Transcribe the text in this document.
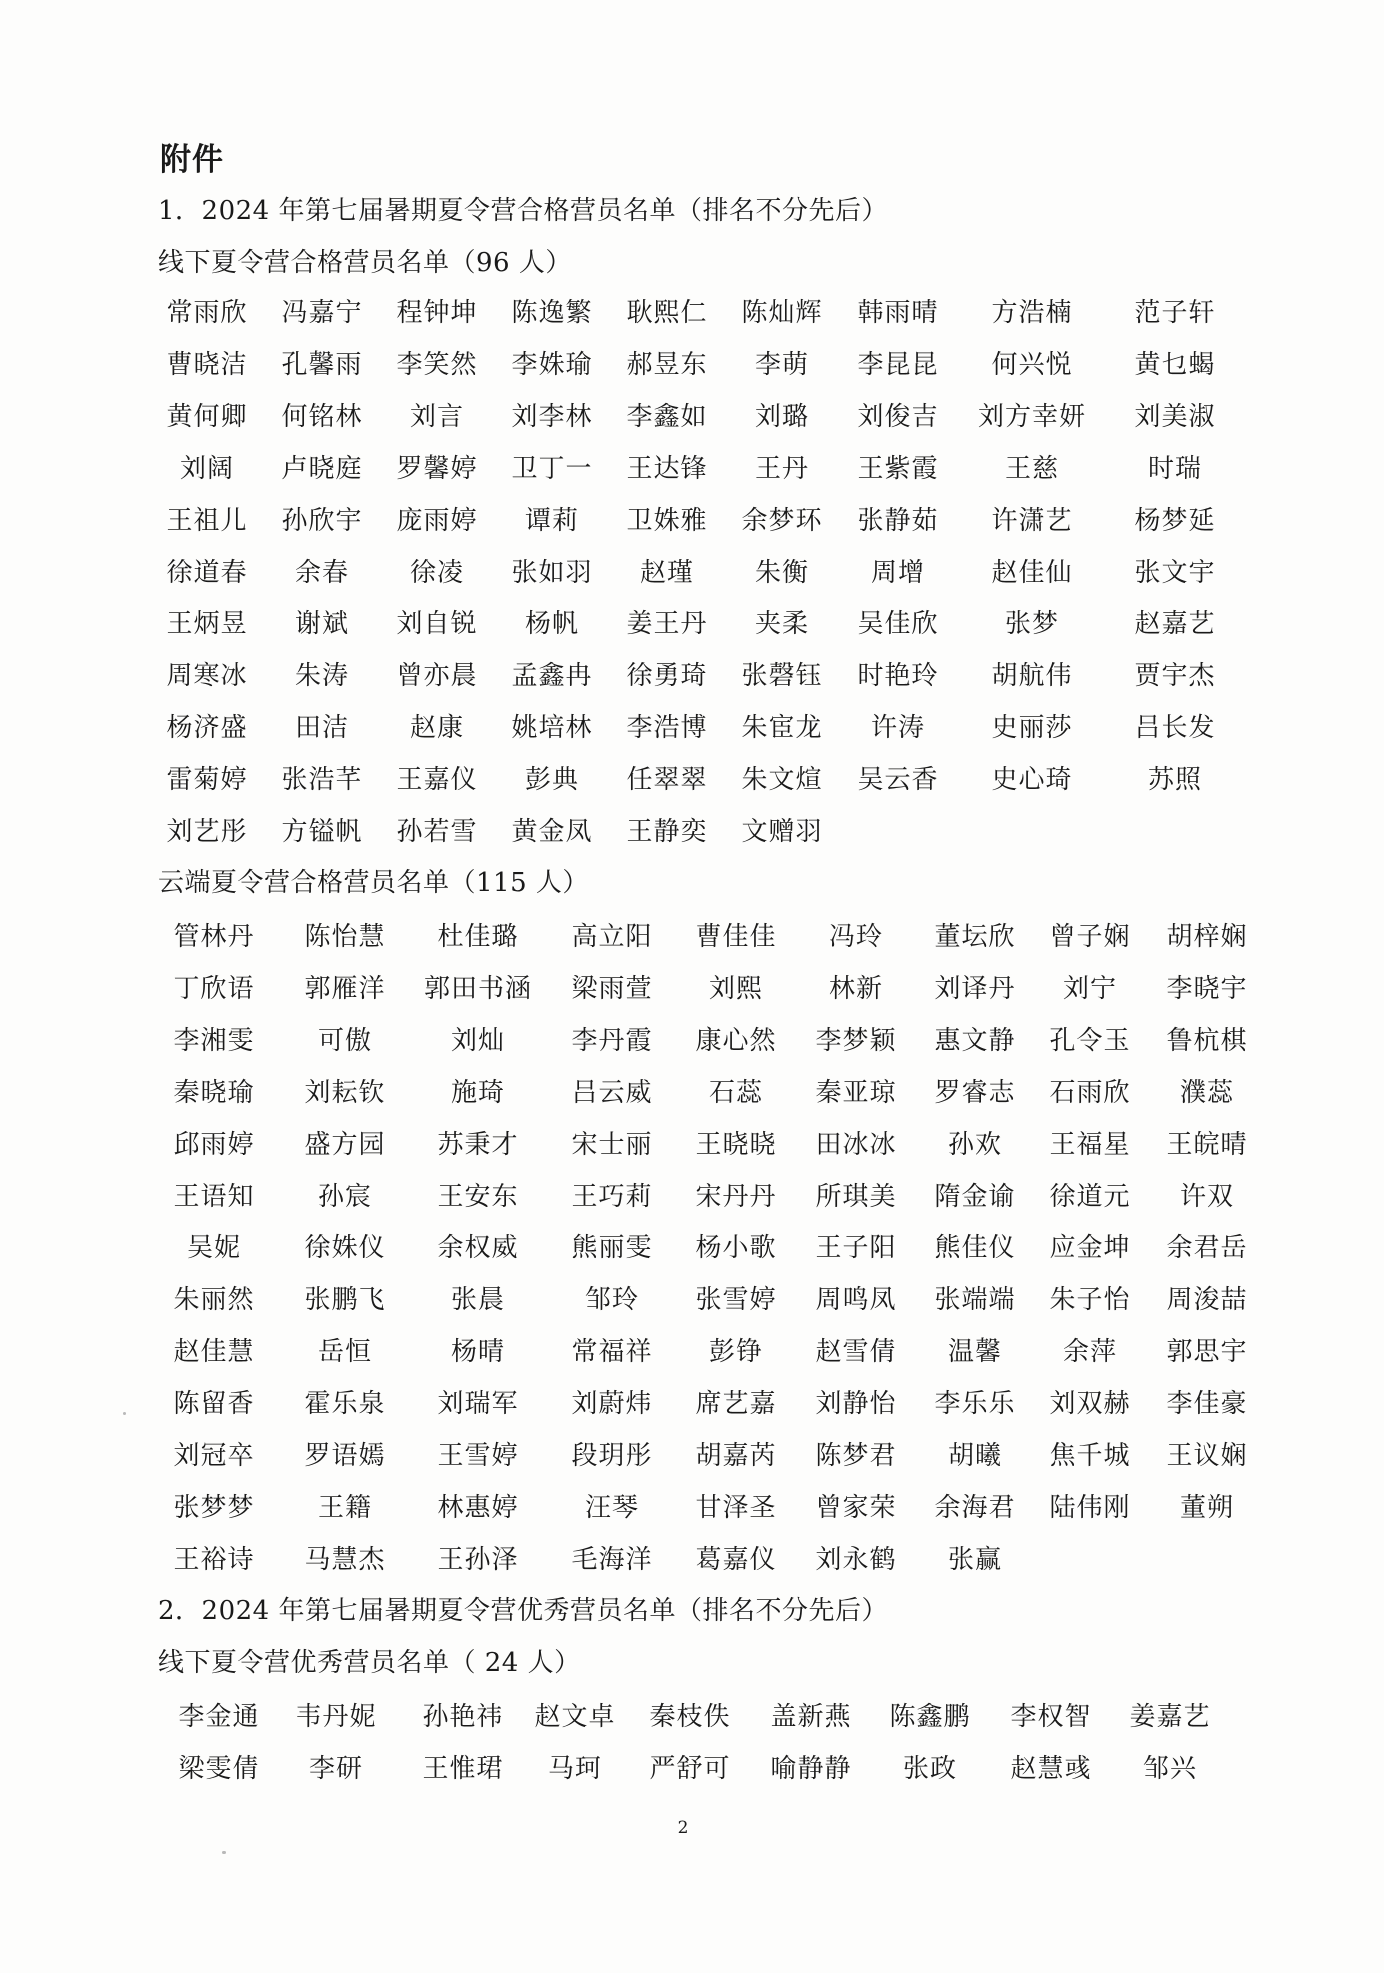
附件
1．2024 年第七届暑期夏令营合格营员名单（排名不分先后）
线下夏令营合格营员名单（96 人）
常雨欣 冯嘉宁 程钟坤 陈逸繁 耿熙仁 陈灿辉 韩雨晴 方浩楠 范子轩
曹晓洁 孔馨雨 李笑然 李姝瑜 郝昱东 李萌 李昆昆 何兴悦 黄乜蝎
黄何卿 何铭林 刘言 刘李林 李鑫如 刘璐 刘俊吉 刘方幸妍 刘美淑
刘阔 卢晓庭 罗馨婷 卫丁一 王达锋 王丹 王紫霞	王慈	时瑞
王祖儿 孙欣宇 庞雨婷 谭莉 卫姝雅 余梦环 张静茹 许潇艺 杨梦延
徐道春 余春 徐凌 张如羽 赵瑾 朱衡 周增	赵佳仙 张文宇
王炳昱 谢斌 刘自锐 杨帆 姜王丹 夹柔 吴佳欣	张梦	赵嘉艺
周寒冰 朱涛 曾亦晨 孟鑫冉 徐勇琦 张磬钰 时艳玲 胡航伟 贾宇杰
杨济盛 田洁 赵康 姚培林 李浩博 朱宦龙 许涛	史丽莎 吕长发
雷菊婷 张浩芊 王嘉仪 彭典 任翠翠 朱文煊 吴云香 史心琦	苏照
刘艺彤 方镒帆 孙若雪 黄金凤 王静奕 文赠羽
云端夏令营合格营员名单（115 人）
管林丹 陈怡慧 杜佳璐 高立阳 曹佳佳 冯玲 董坛欣 曾子娴 胡梓娴
丁欣语 郭雁洋 郭田书涵 梁雨萱 刘熙	林新 刘译丹 刘宁 李晓宇
李湘雯 可傲	刘灿	李丹霞 康心然 李梦颖 惠文静 孔令玉 鲁杭棋
秦晓瑜 刘耘钦	施琦	吕云威 石蕊 秦亚琼 罗睿志 石雨欣 濮蕊
邱雨婷 盛方园 苏秉才 宋士丽 王晓晓 田冰冰 孙欢 王福星 王皖晴
王语知 孙宸	王安东 王巧莉 宋丹丹 所琪美 隋金谕 徐道元 许双
吴妮 徐姝仪 余权威 熊丽雯 杨小歌 王子阳 熊佳仪 应金坤 余君岳
朱丽然 张鹏飞	张晨	邹玲 张雪婷 周鸣凤 张端端 朱子怡 周浚喆
赵佳慧 岳恒	杨晴	常福祥 彭铮 赵雪倩 温馨 余萍 郭思宇
陈留香 霍乐泉 刘瑞军 刘蔚炜 席艺嘉 刘静怡 李乐乐 刘双赫 李佳豪
刘冠卒 罗语嫣 王雪婷 段玥彤 胡嘉芮 陈梦君 胡曦 焦千城 王议娴
张梦梦 王籍	林惠婷	汪琴 甘泽圣 曾家荣 余海君 陆伟刚 董朔
王裕诗 马慧杰 王孙泽 毛海洋 葛嘉仪 刘永鹤 张赢
2．2024 年第七届暑期夏令营优秀营员名单（排名不分先后）
线下夏令营优秀营员名单（ 24 人）
李金通 韦丹妮 孙艳祎 赵文卓 秦枝佚 盖新燕 陈鑫鹏 李权智 姜嘉艺
梁雯倩 李研 王惟珺 马珂 严舒可 喻静静 张政 赵慧彧 邹兴
2
